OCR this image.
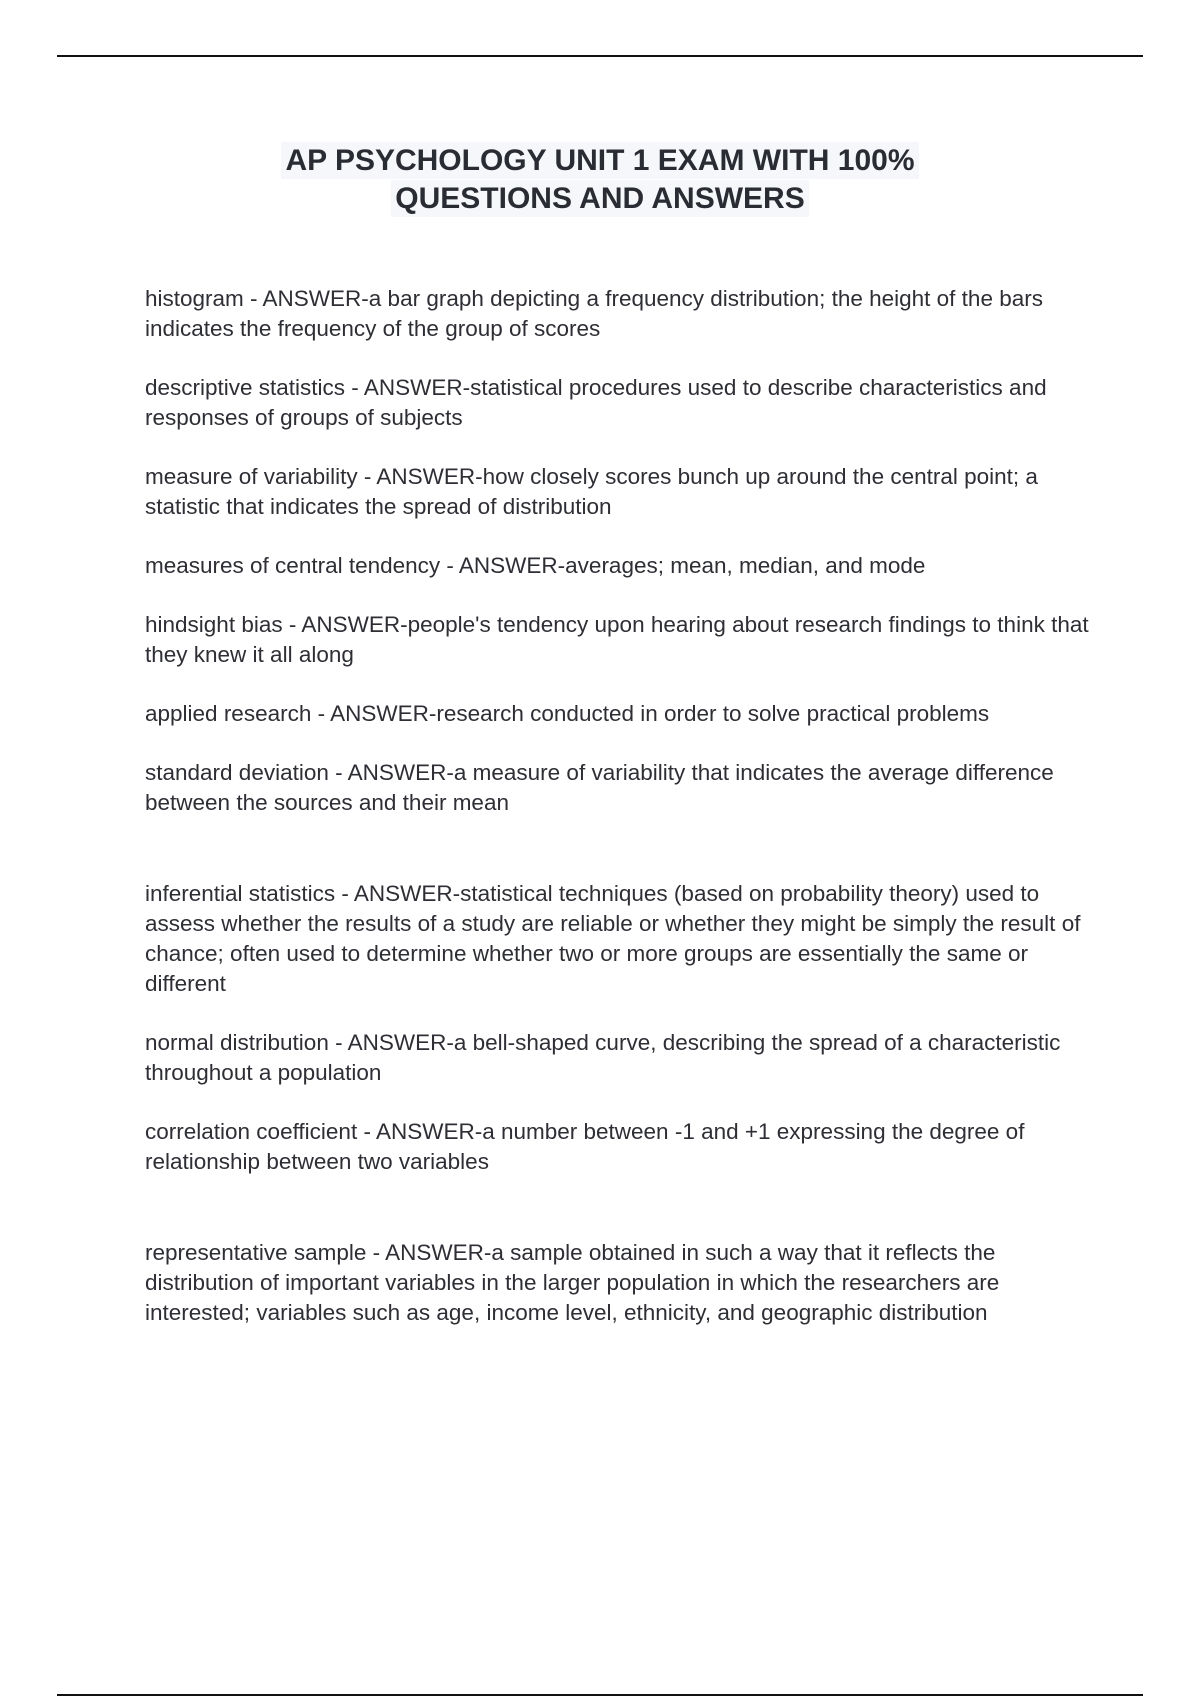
AP PSYCHOLOGY UNIT 1 EXAM WITH 100%
QUESTIONS AND ANSWERS

histogram - ANSWER-a bar graph depicting a frequency distribution; the height of the bars indicates the frequency of the group of scores

descriptive statistics - ANSWER-statistical procedures used to describe characteristics and responses of groups of subjects

measure of variability - ANSWER-how closely scores bunch up around the central point; a statistic that indicates the spread of distribution

measures of central tendency - ANSWER-averages; mean, median, and mode

hindsight bias - ANSWER-people's tendency upon hearing about research findings to think that they knew it all along

applied research - ANSWER-research conducted in order to solve practical problems

standard deviation - ANSWER-a measure of variability that indicates the average difference between the sources and their mean

inferential statistics - ANSWER-statistical techniques (based on probability theory) used to assess whether the results of a study are reliable or whether they might be simply the result of chance; often used to determine whether two or more groups are essentially the same or different

normal distribution - ANSWER-a bell-shaped curve, describing the spread of a characteristic throughout a population

correlation coefficient - ANSWER-a number between -1 and +1 expressing the degree of relationship between two variables

representative sample - ANSWER-a sample obtained in such a way that it reflects the distribution of important variables in the larger population in which the researchers are interested; variables such as age, income level, ethnicity, and geographic distribution
